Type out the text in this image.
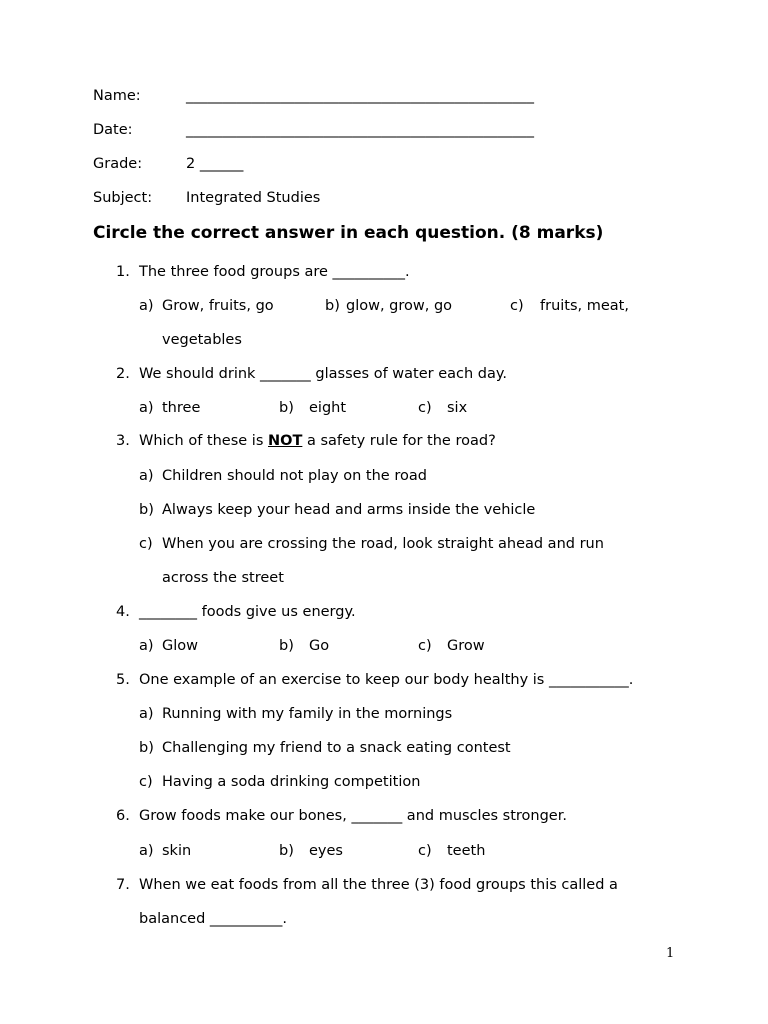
Name:	________________________________________________
Date:	________________________________________________
Grade:	2 ______
Subject: Integrated Studies
Circle the correct answer in each question. (8 marks)
1. The three food groups are __________.
a) Grow, fruits, go	b) glow, grow, go	c) fruits, meat,
vegetables
2. We should drink _______ glasses of water each day.
a) three	b) eight	c) six
3. Which of these is NOT a safety rule for the road?
a) Children should not play on the road
b) Always keep your head and arms inside the vehicle
c) When you are crossing the road, look straight ahead and run
across the street
4. ________ foods give us energy.
a) Glow	b) Go	c) Grow
5. One example of an exercise to keep our body healthy is ___________.
a) Running with my family in the mornings
b) Challenging my friend to a snack eating contest
c) Having a soda drinking competition
6. Grow foods make our bones, _______ and muscles stronger.
a) skin	b) eyes	c) teeth
7. When we eat foods from all the three (3) food groups this called a
balanced __________.
1
